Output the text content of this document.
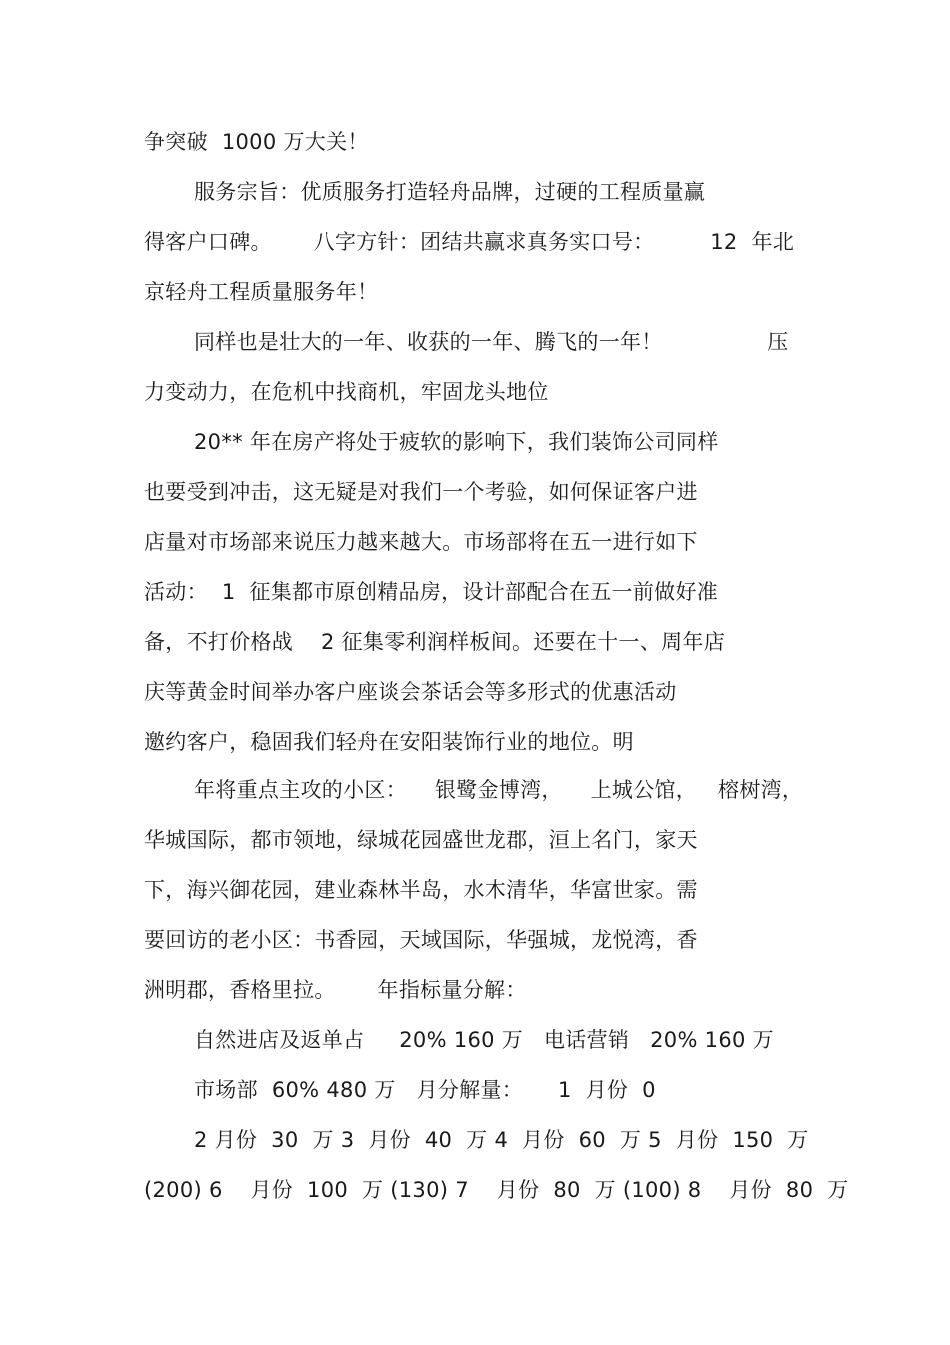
争突破  1000 万大关！
服务宗旨：优质服务打造轻舟品牌，过硬的工程质量赢
得客户口碑。      八字方针：团结共赢求真务实口号：        12  年北
京轻舟工程质量服务年！
同样也是壮大的一年、收获的一年、腾飞的一年！               压
力变动力，在危机中找商机，牢固龙头地位
20** 年在房产将处于疲软的影响下，我们装饰公司同样
也要受到冲击，这无疑是对我们一个考验，如何保证客户进
店量对市场部来说压力越来越大。市场部将在五一进行如下
活动：  1  征集都市原创精品房，设计部配合在五一前做好准
备，不打价格战    2 征集零利润样板间。还要在十一、周年店
庆等黄金时间举办客户座谈会茶话会等多形式的优惠活动
邀约客户，稳固我们轻舟在安阳装饰行业的地位。明
年将重点主攻的小区：    银鹭金博湾，    上城公馆，   榕树湾，
华城国际，都市领地，绿城花园盛世龙郡，洹上名门，家天
下，海兴御花园，建业森林半岛，水木清华，华富世家。需
要回访的老小区：书香园，天域国际，华强城，龙悦湾，香
洲明郡，香格里拉。      年指标量分解：
自然进店及返单占     20% 160 万   电话营销   20% 160 万
市场部  60% 480 万   月分解量：     1  月份  0
2 月份  30  万 3  月份  40  万 4  月份  60  万 5  月份  150  万
(200) 6    月份  100  万 (130) 7    月份  80  万 (100) 8    月份  80  万
